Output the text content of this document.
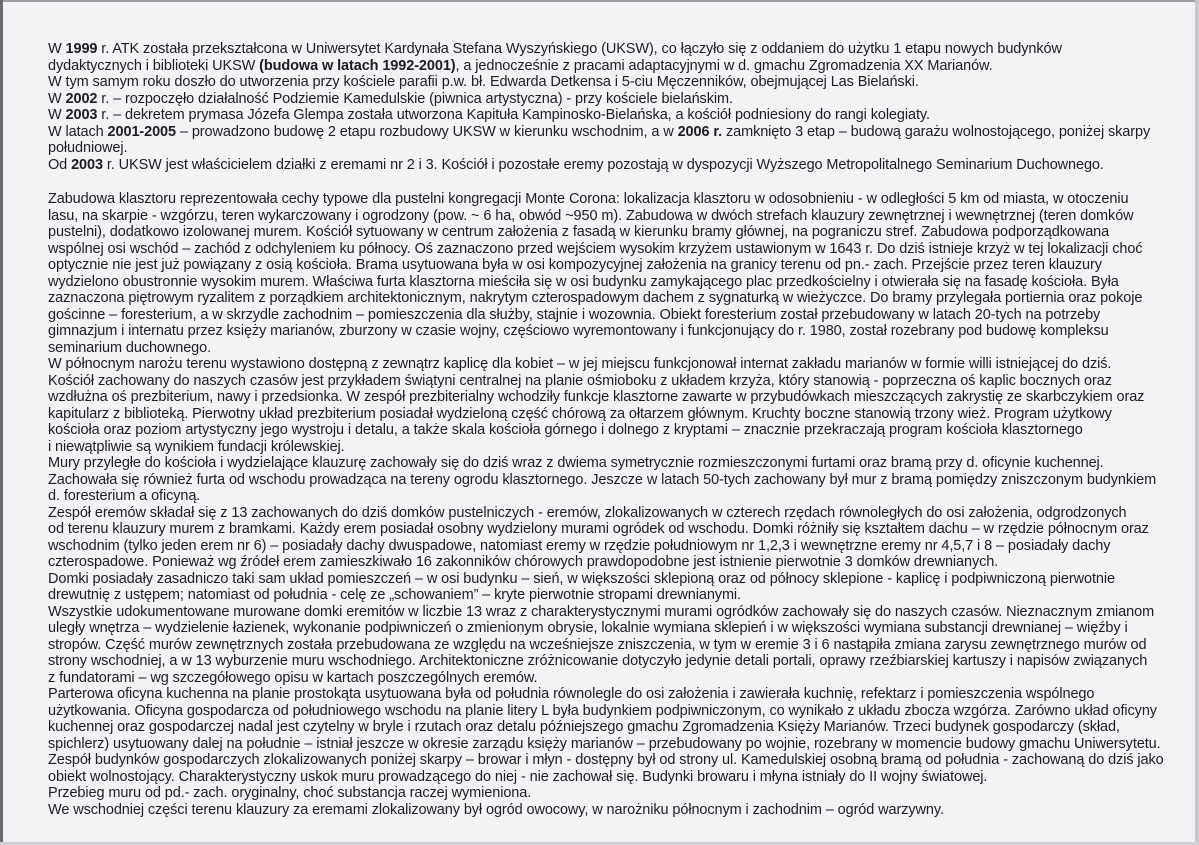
W 1999 r. ATK została przekształcona w Uniwersytet Kardynała Stefana Wyszyńskiego (UKSW), co łączyło się z oddaniem do użytku 1 etapu nowych budynków
dydaktycznych i biblioteki UKSW (budowa w latach 1992-2001), a jednocześnie z pracami adaptacyjnymi w d. gmachu Zgromadzenia XX Marianów.
W tym samym roku doszło do utworzenia przy kościele parafii p.w. bł. Edwarda Detkensa i 5-ciu Męczenników, obejmującej Las Bielański.
W 2002 r. – rozpoczęło działalność Podziemie Kamedulskie (piwnica artystyczna) - przy kościele bielańskim.
W 2003 r. – dekretem prymasa Józefa Glempa została utworzona Kapituła Kampinosko-Bielańska, a kościół podniesiony do rangi kolegiaty.
W latach 2001-2005 – prowadzono budowę 2 etapu rozbudowy UKSW w kierunku wschodnim, a w 2006 r. zamknięto 3 etap – budową garażu wolnostojącego, poniżej skarpy
południowej.
Od 2003 r. UKSW jest właścicielem działki z eremami nr 2 i 3. Kościół i pozostałe eremy pozostają w dyspozycji Wyższego Metropolitalnego Seminarium Duchownego.
Zabudowa klasztoru reprezentowała cechy typowe dla pustelni kongregacji Monte Corona: lokalizacja klasztoru w odosobnieniu - w odległości 5 km od miasta, w otoczeniu
lasu, na skarpie - wzgórzu, teren wykarczowany i ogrodzony (pow. ~ 6 ha, obwód ~950 m). Zabudowa w dwóch strefach klauzury zewnętrznej i wewnętrznej (teren domków
pustelni), dodatkowo izolowanej murem. Kościół sytuowany w centrum założenia z fasadą w kierunku bramy głównej, na pograniczu stref. Zabudowa podporządkowana
wspólnej osi wschód – zachód z odchyleniem ku północy. Oś zaznaczono przed wejściem wysokim krzyżem ustawionym w 1643 r. Do dziś istnieje krzyż w tej lokalizacji choć
optycznie nie jest już powiązany z osią kościoła. Brama usytuowana była w osi kompozycyjnej założenia na granicy terenu od pn.- zach. Przejście przez teren klauzury
wydzielono obustronnie wysokim murem. Właściwa furta klasztorna mieściła się w osi budynku zamykającego plac przedkościelny i otwierała się na fasadę kościoła. Była
zaznaczona piętrowym ryzalitem z porządkiem architektonicznym, nakrytym czterospadowym dachem z sygnaturką w wieżyczce. Do bramy przylegała portiernia oraz pokoje
gościnne – foresterium, a w skrzydle zachodnim – pomieszczenia dla służby, stajnie i wozownia. Obiekt foresterium został przebudowany w latach 20-tych na potrzeby
gimnazjum i internatu przez księży marianów, zburzony w czasie wojny, częściowo wyremontowany i funkcjonujący do r. 1980, został rozebrany pod budowę kompleksu
seminarium duchownego.
W północnym narożu terenu wystawiono dostępną z zewnątrz kaplicę dla kobiet – w jej miejscu funkcjonował internat zakładu marianów w formie willi istniejącej do dziś.
Kościół zachowany do naszych czasów jest przykładem świątyni centralnej na planie ośmioboku z układem krzyża, który stanowią - poprzeczna oś kaplic bocznych oraz
wzdłużna oś prezbiterium, nawy i przedsionka. W zespół prezbiterialny wchodziły funkcje klasztorne zawarte w przybudówkach mieszczących zakrystię ze skarbczykiem oraz
kapitularz z biblioteką. Pierwotny układ prezbiterium posiadał wydzieloną część chórową za ołtarzem głównym. Kruchty boczne stanowią trzony wież. Program użytkowy
kościoła oraz poziom artystyczny jego wystroju i detalu, a także skala kościoła górnego i dolnego z kryptami – znacznie przekraczają program kościoła klasztornego
i niewątpliwie są wynikiem fundacji królewskiej.
Mury przyległe do kościoła i wydzielające klauzurę zachowały się do dziś wraz z dwiema symetrycznie rozmieszczonymi furtami oraz bramą przy d. oficynie kuchennej.
Zachowała się również furta od wschodu prowadząca na tereny ogrodu klasztornego. Jeszcze w latach 50-tych zachowany był mur z bramą pomiędzy zniszczonym budynkiem
d. foresterium a oficyną.
Zespół eremów składał się z 13 zachowanych do dziś domków pustelniczych - eremów, zlokalizowanych w czterech rzędach równoległych do osi założenia, odgrodzonych
od terenu klauzury murem z bramkami. Każdy erem posiadał osobny wydzielony murami ogródek od wschodu. Domki różniły się kształtem dachu – w rzędzie północnym oraz
wschodnim (tylko jeden erem nr 6) – posiadały dachy dwuspadowe, natomiast eremy w rzędzie południowym nr 1,2,3 i wewnętrzne eremy nr 4,5,7 i 8 – posiadały dachy
czterospadowe. Ponieważ wg źródeł erem zamieszkiwało 16 zakonników chórowych prawdopodobne jest istnienie pierwotnie 3 domków drewnianych.
Domki posiadały zasadniczo taki sam układ pomieszczeń – w osi budynku – sień, w większości sklepioną oraz od północy sklepione - kaplicę i podpiwniczoną pierwotnie
drewutnię z ustępem; natomiast od południa - celę ze „schowaniem” – kryte pierwotnie stropami drewnianymi.
Wszystkie udokumentowane murowane domki eremitów w liczbie 13 wraz z charakterystycznymi murami ogródków zachowały się do naszych czasów. Nieznacznym zmianom
uległy wnętrza – wydzielenie łazienek, wykonanie podpiwniczeń o zmienionym obrysie, lokalnie wymiana sklepień i w większości wymiana substancji drewnianej – więźby i
stropów. Część murów zewnętrznych została przebudowana ze względu na wcześniejsze zniszczenia, w tym w eremie 3 i 6 nastąpiła zmiana zarysu zewnętrznego murów od
strony wschodniej, a w 13 wyburzenie muru wschodniego. Architektoniczne zróżnicowanie dotyczyło jedynie detali portali, oprawy rzeźbiarskiej kartuszy i napisów związanych
z fundatorami – wg szczegółowego opisu w kartach poszczególnych eremów.
Parterowa oficyna kuchenna na planie prostokąta usytuowana była od południa równolegle do osi założenia i zawierała kuchnię, refektarz i pomieszczenia wspólnego
użytkowania. Oficyna gospodarcza od południowego wschodu na planie litery L była budynkiem podpiwniczonym, co wynikało z układu zbocza wzgórza. Zarówno układ oficyny
kuchennej oraz gospodarczej nadal jest czytelny w bryle i rzutach oraz detalu późniejszego gmachu Zgromadzenia Księży Marianów. Trzeci budynek gospodarczy (skład,
spichlerz) usytuowany dalej na południe – istniał jeszcze w okresie zarządu księży marianów – przebudowany po wojnie, rozebrany w momencie budowy gmachu Uniwersytetu.
Zespół budynków gospodarczych zlokalizowanych poniżej skarpy – browar i młyn - dostępny był od strony ul. Kamedulskiej osobną bramą od południa - zachowaną do dziś jako
obiekt wolnostojący. Charakterystyczny uskok muru prowadzącego do niej - nie zachował się. Budynki browaru i młyna istniały do II wojny światowej.
Przebieg muru od pd.- zach. oryginalny, choć substancja raczej wymieniona.
We wschodniej części terenu klauzury za eremami zlokalizowany był ogród owocowy, w narożniku północnym i zachodnim – ogród warzywny.
